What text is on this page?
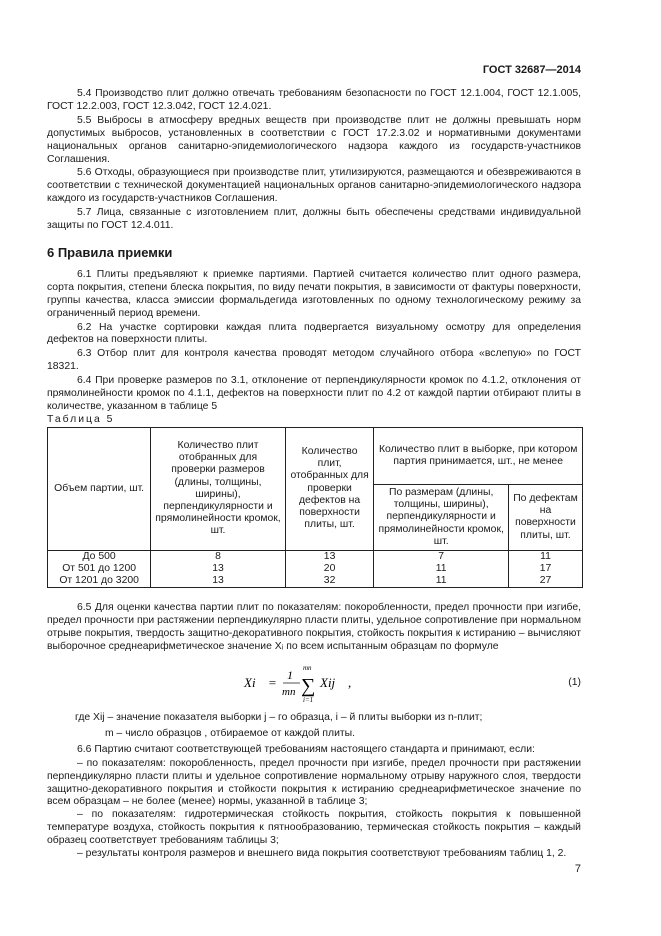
ГОСТ 32687—2014

5.4 Производство плит должно отвечать требованиям безопасности по ГОСТ 12.1.004, ГОСТ 12.1.005, ГОСТ 12.2.003, ГОСТ 12.3.042, ГОСТ 12.4.021.

5.5 Выбросы в атмосферу вредных веществ при производстве плит не должны превышать норм допустимых выбросов, установленных в соответствии с ГОСТ 17.2.3.02 и нормативными документами национальных органов санитарно-эпидемиологического надзора каждого из государств-участников Соглашения.

5.6 Отходы, образующиеся при производстве плит, утилизируются, размещаются и обезвреживаются в соответствии с технической документацией национальных органов санитарно-эпидемиологического надзора каждого из государств-участников Соглашения.

5.7 Лица, связанные с изготовлением плит, должны быть обеспечены средствами индивидуальной защиты по ГОСТ 12.4.011.

6 Правила приемки

6.1 Плиты предъявляют к приемке партиями. Партией считается количество плит одного размера, сорта покрытия, степени блеска покрытия, по виду печати покрытия, в зависимости от фактуры поверхности, группы качества, класса эмиссии формальдегида изготовленных по одному технологическому режиму за ограниченный период времени.

6.2 На участке сортировки каждая плита подвергается визуальному осмотру для определения дефектов на поверхности плиты.

6.3 Отбор плит для контроля качества проводят методом случайного отбора «вслепую» по ГОСТ 18321.

6.4 При проверке размеров по 3.1, отклонение от перпендикулярности кромок по 4.1.2, отклонения от прямолинейности кромок по 4.1.1, дефектов на поверхности плит по 4.2 от каждой партии отбирают плиты в количестве, указанном в таблице 5

Таблица 5

Объем партии, шт.	Количество плит отобранных для проверки размеров (длины, толщины, ширины), перпендикулярности и прямолинейности кромок, шт.	Количество плит, отобранных для проверки дефектов на поверхности плиты, шт.	Количество плит в выборке, при котором партия принимается, шт., не менее	
			По размерам (длины, толщины, ширины), перпендикулярности и прямолинейности кромок, шт.	По дефектам на поверхности плиты, шт.
До 500	8	13	7	11
От 501 до 1200	13	20	11	17
От 1201 до 3200	13	32	11	27

6.5 Для оценки качества партии плит по показателям: покоробленности, предел прочности при изгибе, предел прочности при растяжении перпендикулярно пласти плиты, удельное сопротивление при нормальном отрыве покрытия, твердость защитно-декоративного покрытия, стойкость покрытия к истиранию – вычисляют выборочное среднеарифметическое значение Xᵢ по всем испытанным образцам по формуле

Xi = 1
mn
mn
∑
i=1
Xij ,	(1)

где Xij – значение показателя выборки j – го образца, i – й плиты выборки из n-плит;

m – число образцов , отбираемое от каждой плиты.

6.6 Партию считают соответствующей требованиям настоящего стандарта и принимают, если:

– по показателям: покоробленность, предел прочности при изгибе, предел прочности при растяжении перпендикулярно пласти плиты и удельное сопротивление нормальному отрыву наружного слоя, твердости защитно-декоративного покрытия и стойкости покрытия к истиранию среднеарифметическое значение по всем образцам – не более (менее) нормы, указанной в таблице 3;

– по показателям: гидротермическая стойкость покрытия, стойкость покрытия к повышенной температуре воздуха, стойкость покрытия к пятнообразованию, термическая стойкость покрытия – каждый образец соответствует требованиям таблицы 3;

– результаты контроля размеров и внешнего вида покрытия соответствуют требованиям таблиц 1, 2.

7
